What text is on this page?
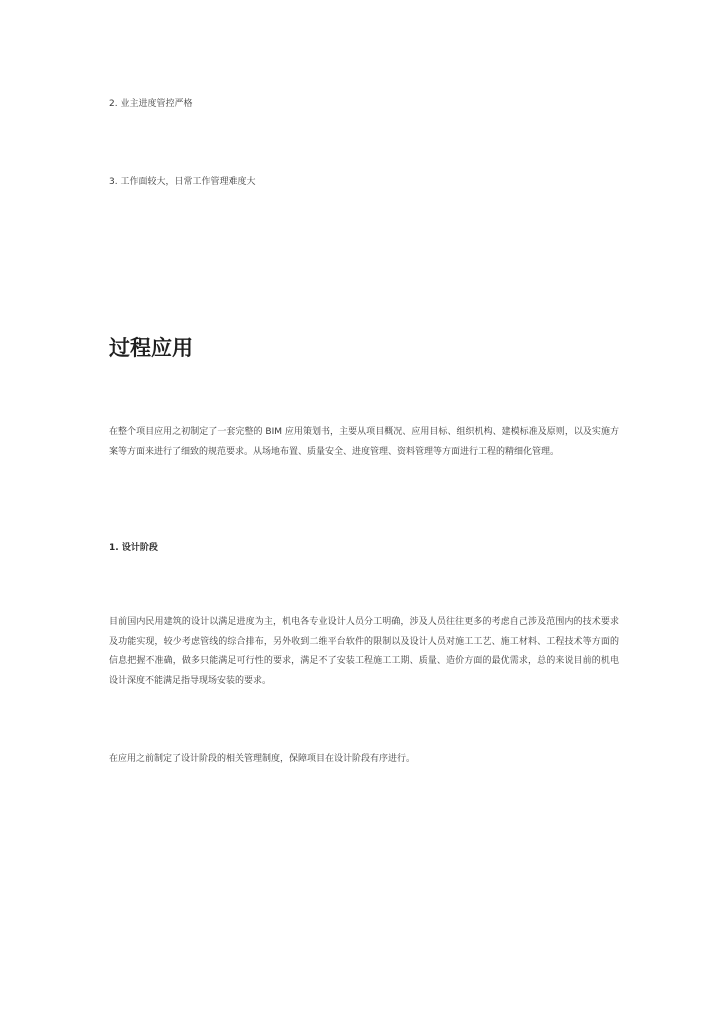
2. 业主进度管控严格
3. 工作面较大，日常工作管理难度大
过程应用

在整个项目应用之初制定了一套完整的 BIM 应用策划书，主要从项目概况、应用目标、组织机构、建模标准及原则，以及实施方案等方面来进行了细致的规范要求。从场地布置、质量安全、进度管理、资料管理等方面进行工程的精细化管理。

1. 设计阶段

目前国内民用建筑的设计以满足进度为主，机电各专业设计人员分工明确，涉及人员往往更多的考虑自己涉及范围内的技术要求及功能实现，较少考虑管线的综合排布，另外收到二维平台软件的限制以及设计人员对施工工艺、施工材料、工程技术等方面的信息把握不准确，做多只能满足可行性的要求，满足不了安装工程施工工期、质量、造价方面的最优需求，总的来说目前的机电设计深度不能满足指导现场安装的要求。

在应用之前制定了设计阶段的相关管理制度，保障项目在设计阶段有序进行。
